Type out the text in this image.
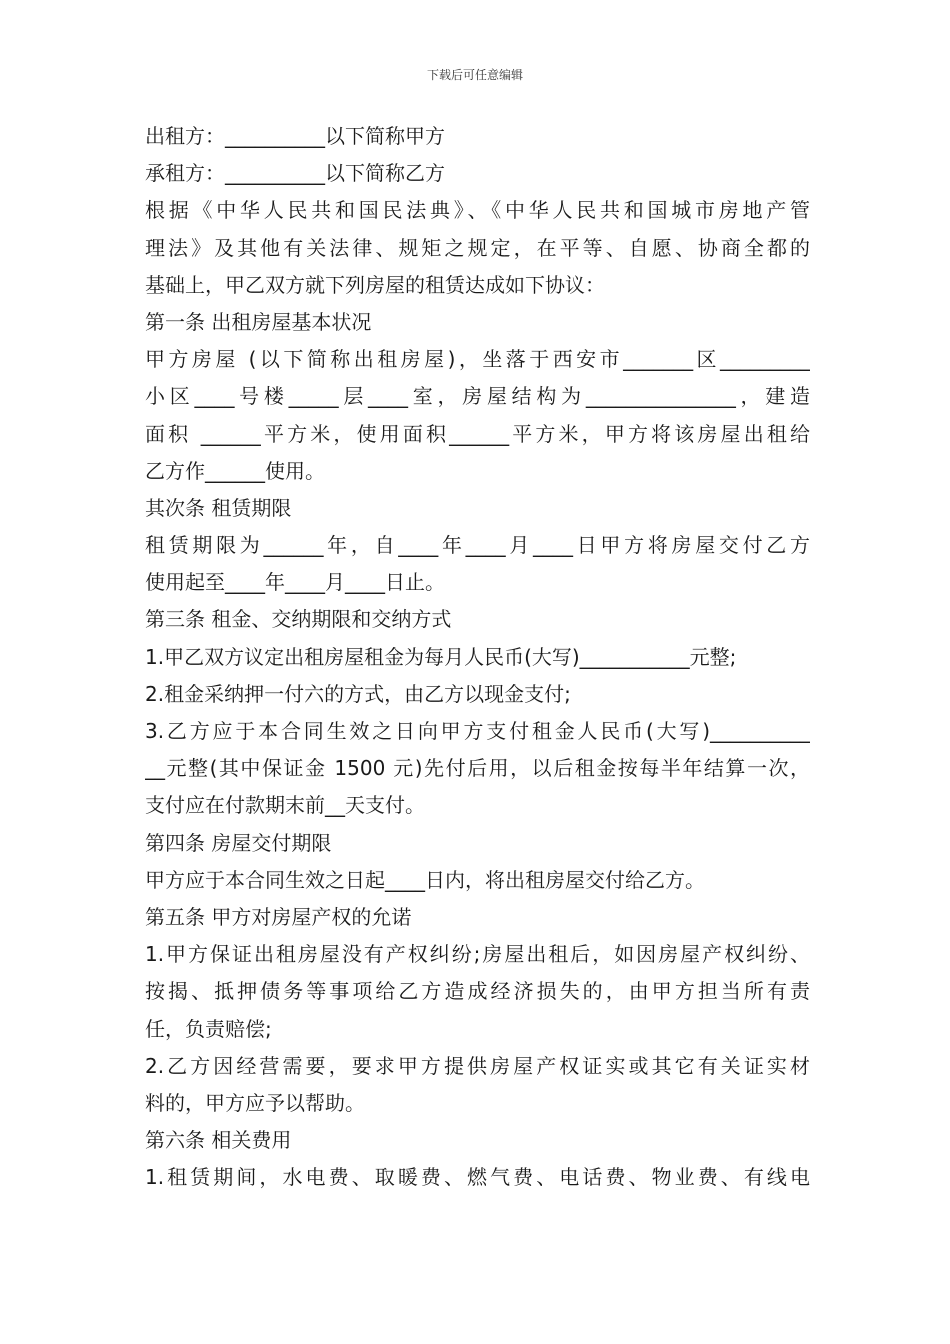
下载后可任意编辑
出租方：__________以下简称甲方
承租方：__________以下简称乙方
根据《中华人民共和国民法典》、《中华人民共和国城市房地产管
理法》及其他有关法律、规矩之规定，在平等、自愿、协商全都的
基础上，甲乙双方就下列房屋的租赁达成如下协议：
第一条 出租房屋基本状况
甲方房屋 (以下简称出租房屋)，坐落于西安市_______区_________
小区____号楼_____层____室，房屋结构为_______________，建造
面积 ______平方米，使用面积______平方米，甲方将该房屋出租给
乙方作______使用。
其次条 租赁期限
租赁期限为______年，自____年____月____日甲方将房屋交付乙方
使用起至____年____月____日止。
第三条 租金、交纳期限和交纳方式
1.甲乙双方议定出租房屋租金为每月人民币(大写)___________元整;
2.租金采纳押一付六的方式，由乙方以现金支付;
3.乙方应于本合同生效之日向甲方支付租金人民币(大写)__________
__元整(其中保证金 1500 元)先付后用，以后租金按每半年结算一次，
支付应在付款期末前__天支付。
第四条 房屋交付期限
甲方应于本合同生效之日起____日内，将出租房屋交付给乙方。
第五条 甲方对房屋产权的允诺
1.甲方保证出租房屋没有产权纠纷;房屋出租后，如因房屋产权纠纷、
按揭、抵押债务等事项给乙方造成经济损失的，由甲方担当所有责
任，负责赔偿;
2.乙方因经营需要，要求甲方提供房屋产权证实或其它有关证实材
料的，甲方应予以帮助。
第六条 相关费用
1.租赁期间，水电费、取暖费、燃气费、电话费、物业费、有线电
